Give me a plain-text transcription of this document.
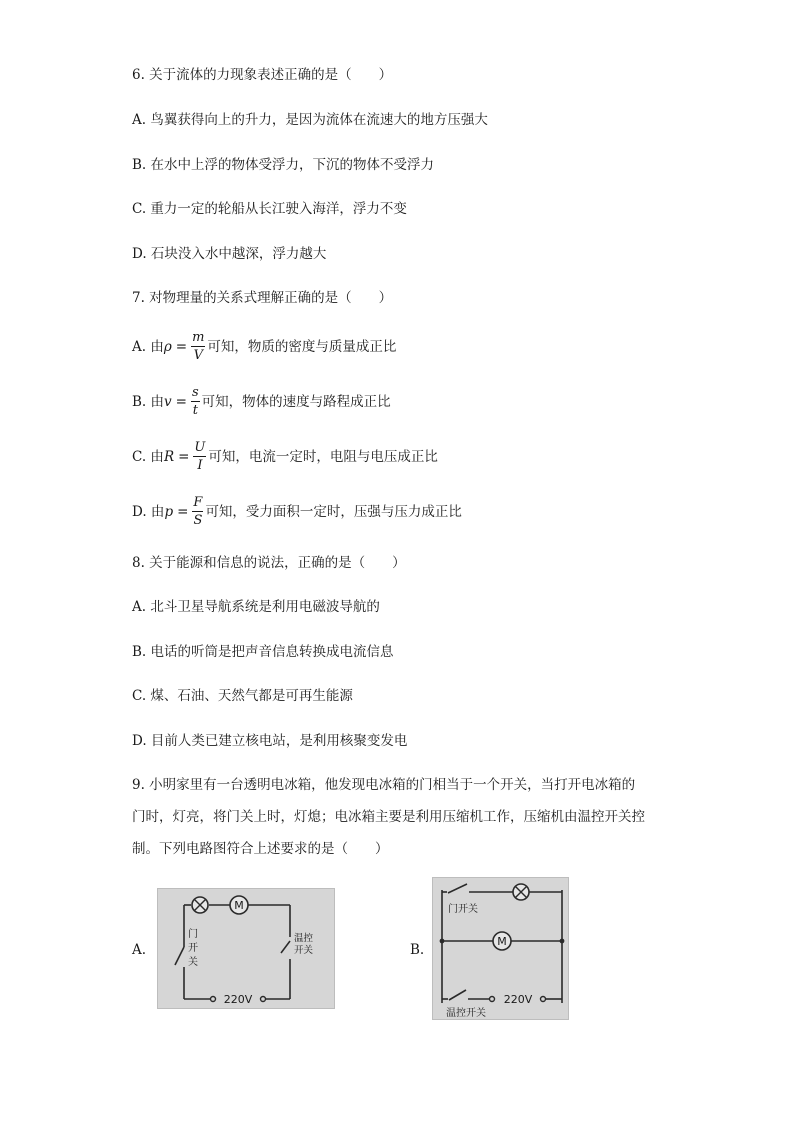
6. 关于流体的力现象表述正确的是（　　）
A. 鸟翼获得向上的升力，是因为流体在流速大的地方压强大
B. 在水中上浮的物体受浮力，下沉的物体不受浮力
C. 重力一定的轮船从长江驶入海洋，浮力不变
D. 石块没入水中越深，浮力越大
7. 对物理量的关系式理解正确的是（　　）
A. 由 $\rho = \frac{m}{V}$ 可知，物质的密度与质量成正比
B. 由 $v = \frac{s}{t}$ 可知，物体的速度与路程成正比
C. 由 $R = \frac{U}{I}$ 可知，电流一定时，电阻与电压成正比
D. 由 $p = \frac{F}{S}$ 可知，受力面积一定时，压强与压力成正比
8. 关于能源和信息的说法，正确的是（　　）
A. 北斗卫星导航系统是利用电磁波导航的
B. 电话的听筒是把声音信息转换成电流信息
C. 煤、石油、天然气都是可再生能源
D. 目前人类已建立核电站，是利用核聚变发电
9. 小明家里有一台透明电冰箱，他发现电冰箱的门相当于一个开关，当打开电冰箱的
门时，灯亮，将门关上时，灯熄；电冰箱主要是利用压缩机工作，压缩机由温控开关控
制。下列电路图符合上述要求的是（　　）
A.	B.
M
门
开
关
温控
开关
220V
M
门开关
220V
温控开关
